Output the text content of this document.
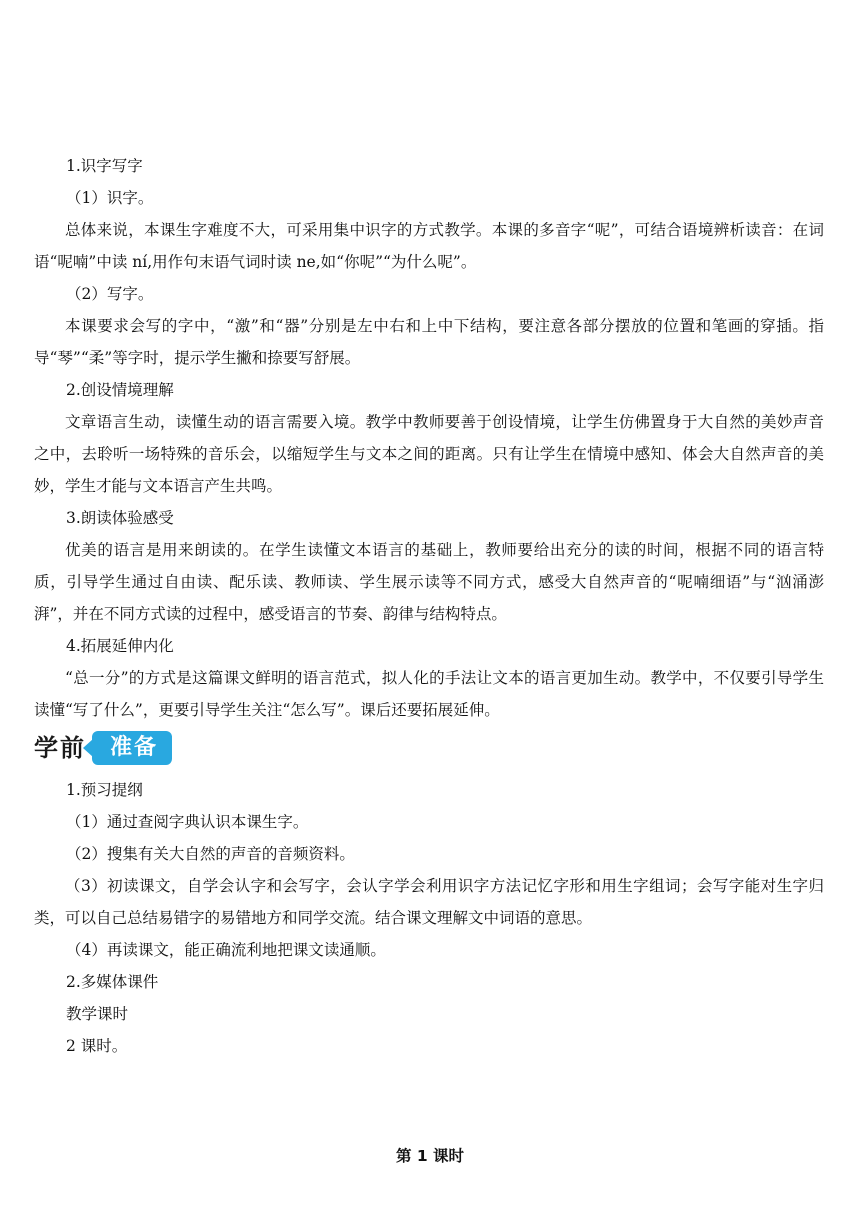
1.识字写字

（1）识字。

总体来说，本课生字难度不大，可采用集中识字的方式教学。本课的多音字“呢”，可结合语境辨析读音：在词语“呢喃”中读 ní,用作句末语气词时读 ne,如“你呢”“为什么呢”。

（2）写字。

本课要求会写的字中，“激”和“器”分别是左中右和上中下结构，要注意各部分摆放的位置和笔画的穿插。指导“琴”“柔”等字时，提示学生撇和捺要写舒展。

2.创设情境理解

文章语言生动，读懂生动的语言需要入境。教学中教师要善于创设情境，让学生仿佛置身于大自然的美妙声音之中，去聆听一场特殊的音乐会，以缩短学生与文本之间的距离。只有让学生在情境中感知、体会大自然声音的美妙，学生才能与文本语言产生共鸣。

3.朗读体验感受

优美的语言是用来朗读的。在学生读懂文本语言的基础上，教师要给出充分的读的时间，根据不同的语言特质，引导学生通过自由读、配乐读、教师读、学生展示读等不同方式，感受大自然声音的“呢喃细语”与“汹涌澎湃”，并在不同方式读的过程中，感受语言的节奏、韵律与结构特点。

4.拓展延伸内化

“总一分”的方式是这篇课文鲜明的语言范式，拟人化的手法让文本的语言更加生动。教学中，不仅要引导学生读懂“写了什么”，更要引导学生关注“怎么写”。课后还要拓展延伸。

学前	准备

1.预习提纲

（1）通过查阅字典认识本课生字。

（2）搜集有关大自然的声音的音频资料。

（3）初读课文，自学会认字和会写字，会认字学会利用识字方法记忆字形和用生字组词；会写字能对生字归类，可以自己总结易错字的易错地方和同学交流。结合课文理解文中词语的意思。

（4）再读课文，能正确流利地把课文读通顺。

2.多媒体课件

教学课时

2 课时。

第 1 课时
